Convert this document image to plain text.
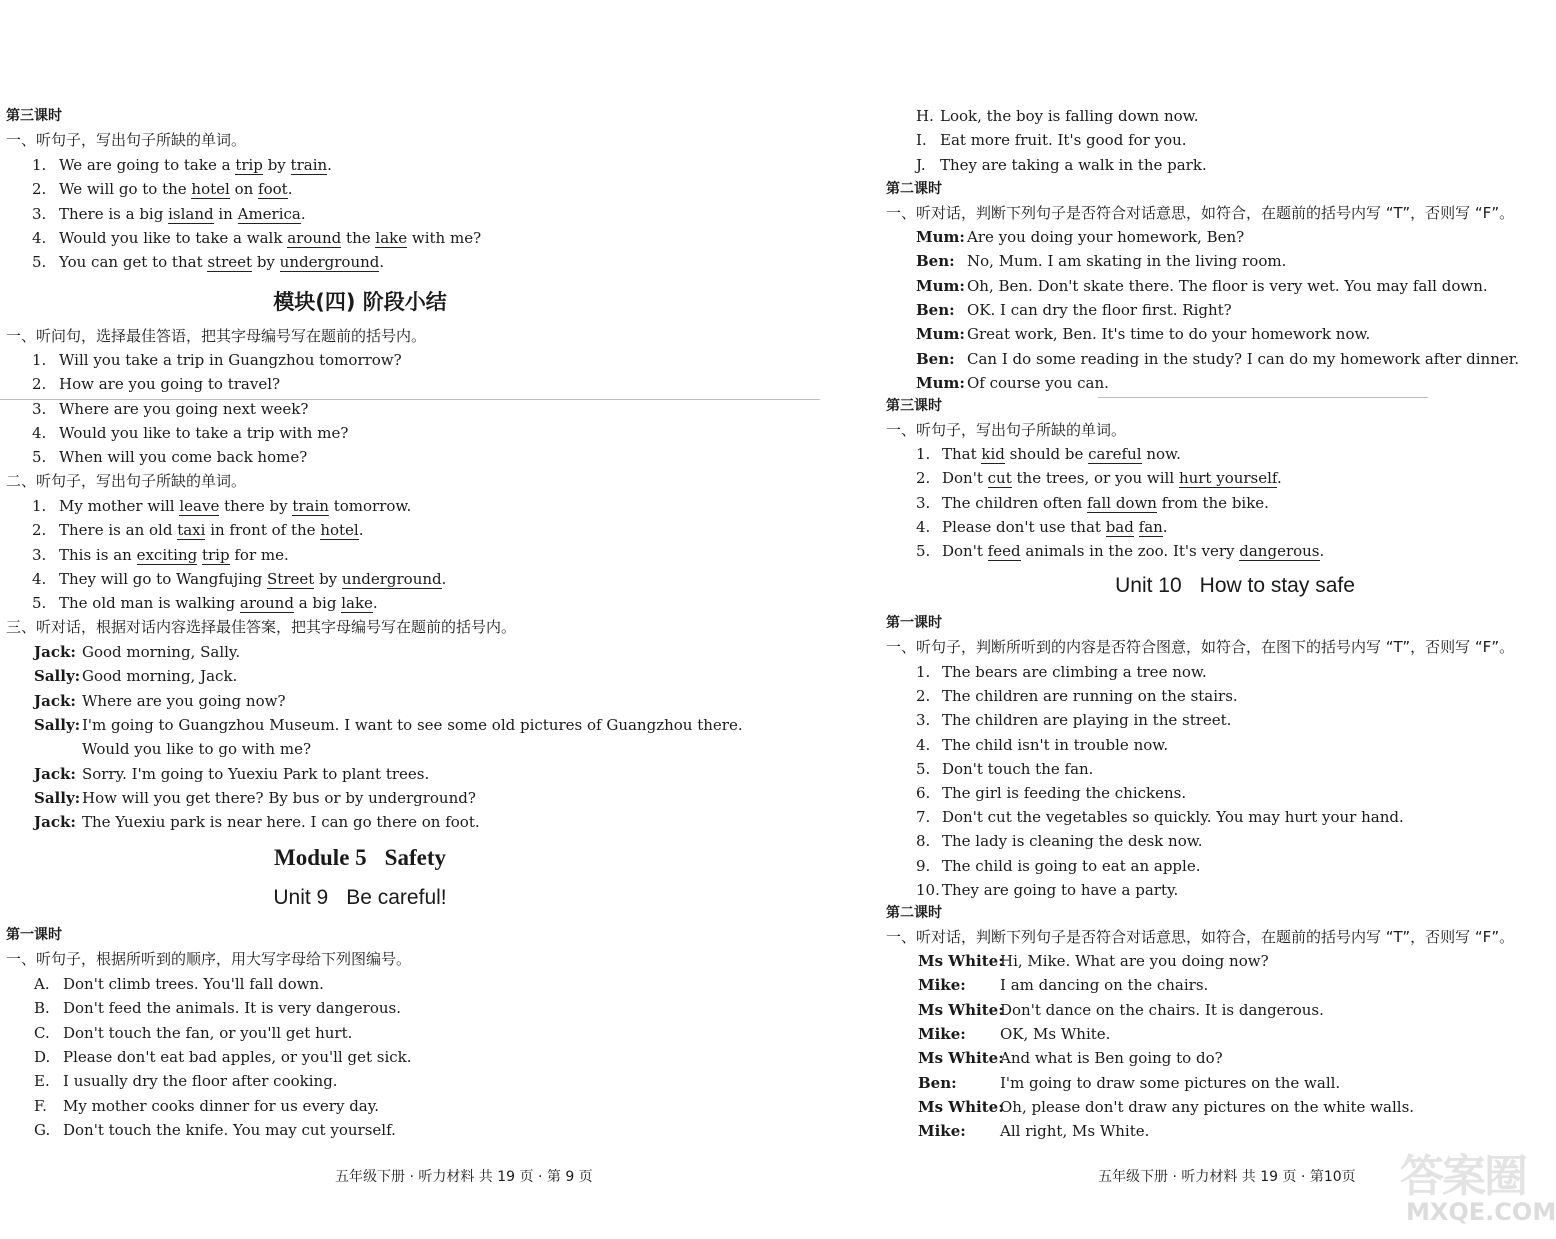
第三课时
一、听句子，写出句子所缺的单词。
1. We are going to take a trip by train.
2. We will go to the hotel on foot.
3. There is a big island in America.
4. Would you like to take a walk around the lake with me?
5. You can get to that street by underground.
模块(四) 阶段小结
一、听问句，选择最佳答语，把其字母编号写在题前的括号内。
1. Will you take a trip in Guangzhou tomorrow?
2. How are you going to travel?
3. Where are you going next week?
4. Would you like to take a trip with me?
5. When will you come back home?
二、听句子，写出句子所缺的单词。
1. My mother will leave there by train tomorrow.
2. There is an old taxi in front of the hotel.
3. This is an exciting trip for me.
4. They will go to Wangfujing Street by underground.
5. The old man is walking around a big lake.
三、听对话，根据对话内容选择最佳答案，把其字母编号写在题前的括号内。
Jack: Good morning, Sally.
Sally: Good morning, Jack.
Jack: Where are you going now?
Sally: I'm going to Guangzhou Museum. I want to see some old pictures of Guangzhou there.
Would you like to go with me?
Jack: Sorry. I'm going to Yuexiu Park to plant trees.
Sally: How will you get there? By bus or by underground?
Jack: The Yuexiu park is near here. I can go there on foot.
Module 5 Safety
Unit 9 Be careful!
第一课时
一、听句子，根据所听到的顺序，用大写字母给下列图编号。
A. Don't climb trees. You'll fall down.
B. Don't feed the animals. It is very dangerous.
C. Don't touch the fan, or you'll get hurt.
D. Please don't eat bad apples, or you'll get sick.
E. I usually dry the floor after cooking.
F. My mother cooks dinner for us every day.
G. Don't touch the knife. You may cut yourself.
五年级下册 · 听力材料 共 19 页 · 第 9 页
H. Look, the boy is falling down now.
I. Eat more fruit. It's good for you.
J. They are taking a walk in the park.
第二课时
一、听对话，判断下列句子是否符合对话意思，如符合，在题前的括号内写 “T”，否则写 “F”。
Mum: Are you doing your homework, Ben?
Ben: No, Mum. I am skating in the living room.
Mum: Oh, Ben. Don't skate there. The floor is very wet. You may fall down.
Ben: OK. I can dry the floor first. Right?
Mum: Great work, Ben. It's time to do your homework now.
Ben: Can I do some reading in the study? I can do my homework after dinner.
Mum: Of course you can.
第三课时
一、听句子，写出句子所缺的单词。
1. That kid should be careful now.
2. Don't cut the trees, or you will hurt yourself.
3. The children often fall down from the bike.
4. Please don't use that bad fan.
5. Don't feed animals in the zoo. It's very dangerous.
Unit 10 How to stay safe
第一课时
一、听句子，判断所听到的内容是否符合图意，如符合，在图下的括号内写 “T”，否则写 “F”。
1. The bears are climbing a tree now.
2. The children are running on the stairs.
3. The children are playing in the street.
4. The child isn't in trouble now.
5. Don't touch the fan.
6. The girl is feeding the chickens.
7. Don't cut the vegetables so quickly. You may hurt your hand.
8. The lady is cleaning the desk now.
9. The child is going to eat an apple.
10. They are going to have a party.
第二课时
一、听对话，判断下列句子是否符合对话意思，如符合，在题前的括号内写 “T”，否则写 “F”。
Ms White:Hi, Mike. What are you doing now?
Mike: I am dancing on the chairs.
Ms White:Don't dance on the chairs. It is dangerous.
Mike: OK, Ms White.
Ms White:And what is Ben going to do?
Ben:	I'm going to draw some pictures on the wall.
Ms White:Oh, please don't draw any pictures on the white walls.
Mike: All right, Ms White.
五年级下册 · 听力材料 共 19 页 · 第10页 答案圈
MXQE.COM
